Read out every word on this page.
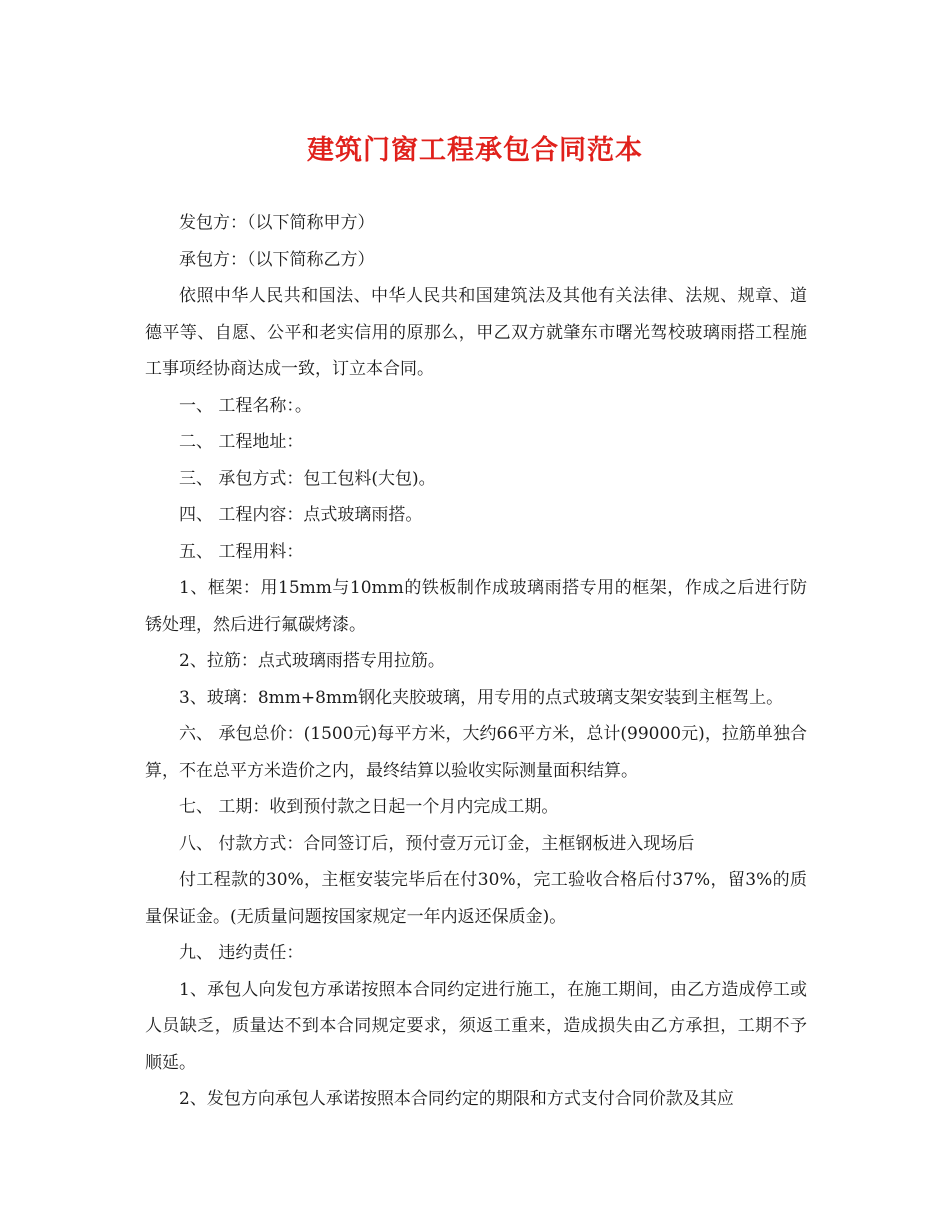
建筑门窗工程承包合同范本

发包方：（以下简称甲方）

承包方：（以下简称乙方）

依照中华人民共和国法、中华人民共和国建筑法及其他有关法律、法规、规章、道德平等、自愿、公平和老实信用的原那么，甲乙双方就肇东市曙光驾校玻璃雨搭工程施工事项经协商达成一致，订立本合同。

一、 工程名称：。

二、 工程地址：

三、 承包方式：包工包料(大包)。

四、 工程内容：点式玻璃雨搭。

五、 工程用料：

1、框架：用15mm与10mm的铁板制作成玻璃雨搭专用的框架，作成之后进行防锈处理，然后进行氟碳烤漆。

2、拉筋：点式玻璃雨搭专用拉筋。

3、玻璃：8mm+8mm钢化夹胶玻璃，用专用的点式玻璃支架安装到主框驾上。

六、 承包总价：(1500元)每平方米，大约66平方米，总计(99000元)，拉筋单独合算，不在总平方米造价之内，最终结算以验收实际测量面积结算。

七、 工期：收到预付款之日起一个月内完成工期。

八、 付款方式：合同签订后，预付壹万元订金，主框钢板进入现场后

付工程款的30%，主框安装完毕后在付30%，完工验收合格后付37%，留3%的质量保证金。(无质量问题按国家规定一年内返还保质金)。

九、 违约责任：

1、承包人向发包方承诺按照本合同约定进行施工，在施工期间，由乙方造成停工或人员缺乏，质量达不到本合同规定要求，须返工重来，造成损失由乙方承担，工期不予顺延。

2、发包方向承包人承诺按照本合同约定的期限和方式支付合同价款及其应
